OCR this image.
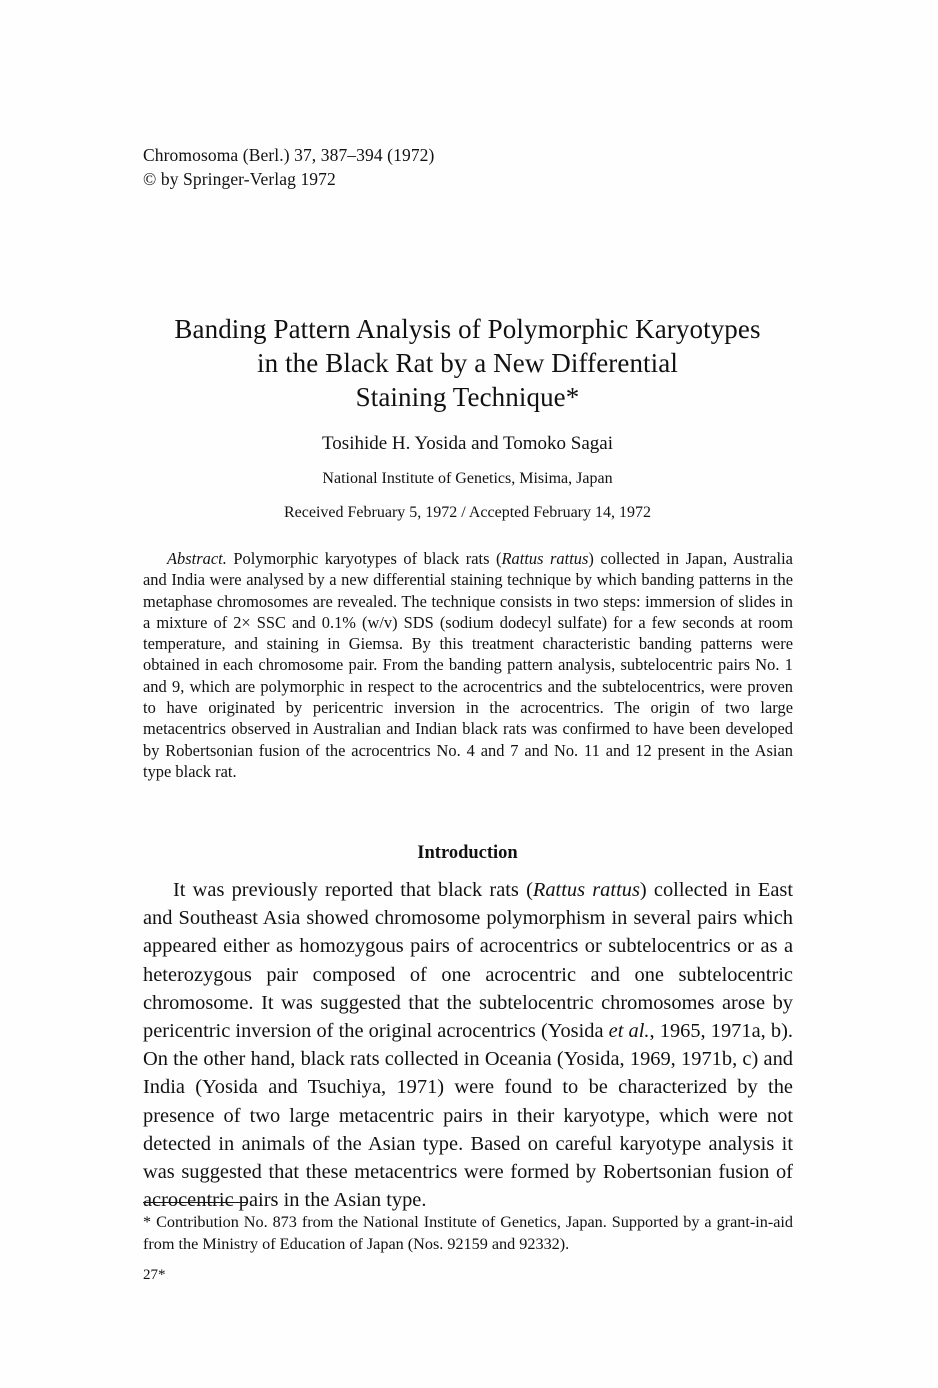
Chromosoma (Berl.) 37, 387–394 (1972)
© by Springer-Verlag 1972
Banding Pattern Analysis of Polymorphic Karyotypes
in the Black Rat by a New Differential
Staining Technique*
Tosihide H. Yosida and Tomoko Sagai
National Institute of Genetics, Misima, Japan
Received February 5, 1972 / Accepted February 14, 1972
Abstract. Polymorphic karyotypes of black rats (Rattus rattus) collected in Japan, Australia and India were analysed by a new differential staining technique by which banding patterns in the metaphase chromosomes are revealed. The technique consists in two steps: immersion of slides in a mixture of 2× SSC and 0.1% (w/v) SDS (sodium dodecyl sulfate) for a few seconds at room temperature, and staining in Giemsa. By this treatment characteristic banding patterns were obtained in each chromosome pair. From the banding pattern analysis, subtelocentric pairs No. 1 and 9, which are polymorphic in respect to the acrocentrics and the subtelocentrics, were proven to have originated by pericentric inversion in the acrocentrics. The origin of two large metacentrics observed in Australian and Indian black rats was confirmed to have been developed by Robertsonian fusion of the acrocentrics No. 4 and 7 and No. 11 and 12 present in the Asian type black rat.
Introduction
It was previously reported that black rats (Rattus rattus) collected in East and Southeast Asia showed chromosome polymorphism in several pairs which appeared either as homozygous pairs of acrocentrics or subtelocentrics or as a heterozygous pair composed of one acrocentric and one subtelocentric chromosome. It was suggested that the subtelocentric chromosomes arose by pericentric inversion of the original acrocentrics (Yosida et al., 1965, 1971a, b). On the other hand, black rats collected in Oceania (Yosida, 1969, 1971b, c) and India (Yosida and Tsuchiya, 1971) were found to be characterized by the presence of two large metacentric pairs in their karyotype, which were not detected in animals of the Asian type. Based on careful karyotype analysis it was suggested that these metacentrics were formed by Robertsonian fusion of acrocentric pairs in the Asian type.
* Contribution No. 873 from the National Institute of Genetics, Japan. Supported by a grant-in-aid from the Ministry of Education of Japan (Nos. 92159 and 92332).
27*
